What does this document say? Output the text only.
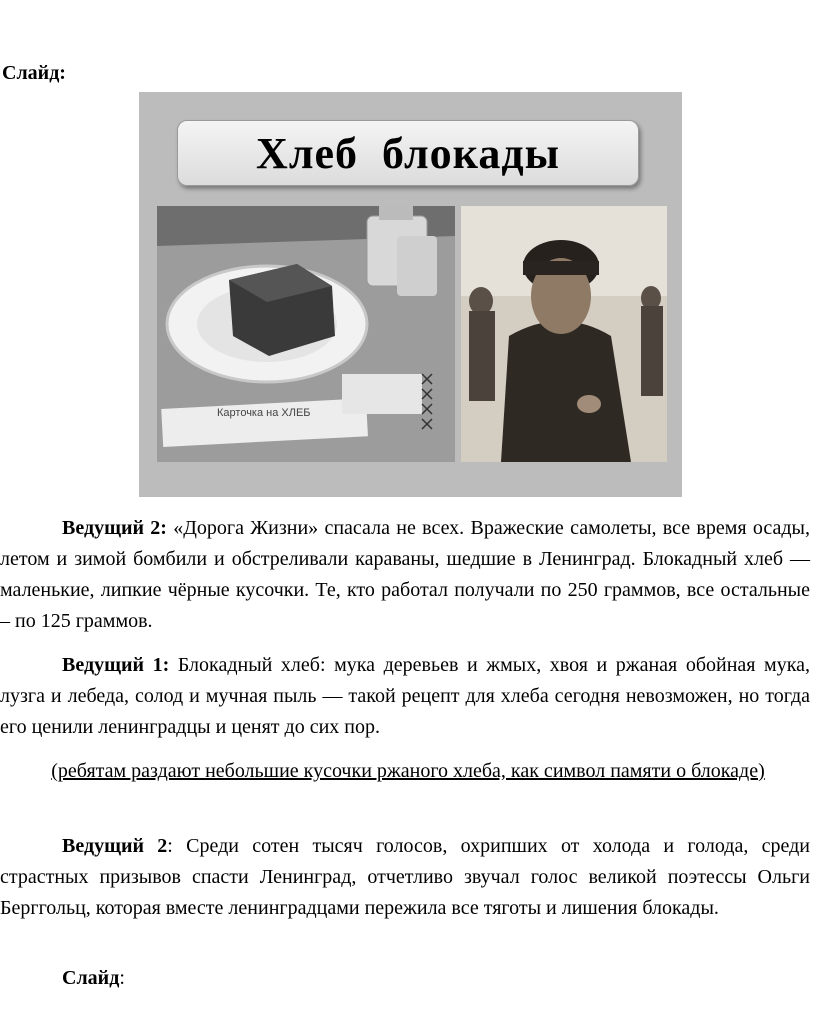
Слайд:
Хлеб  блокады
Карточка на ХЛЕБ

Ведущий 2: «Дорога Жизни» спасала не всех. Вражеские самолеты, все время осады, летом и зимой бомбили и обстреливали караваны, шедшие в Ленинград. Блокадный хлеб — маленькие, липкие чёрные кусочки. Те, кто работал получали по 250 граммов, все остальные – по 125 граммов.

Ведущий 1: Блокадный хлеб: мука деревьев и жмых, хвоя и ржаная обойная мука, лузга и лебеда, солод и мучная пыль — такой рецепт для хлеба сегодня невозможен, но тогда его ценили ленинградцы и ценят до сих пор.

(ребятам раздают небольшие кусочки ржаного хлеба, как символ памяти о блокаде)

Ведущий 2: Среди сотен тысяч голосов, охрипших от холода и голода, среди страстных призывов спасти Ленинград, отчетливо звучал голос великой поэтессы Ольги Берггольц, которая вместе ленинградцами пережила все тяготы и лишения блокады.

Слайд:
